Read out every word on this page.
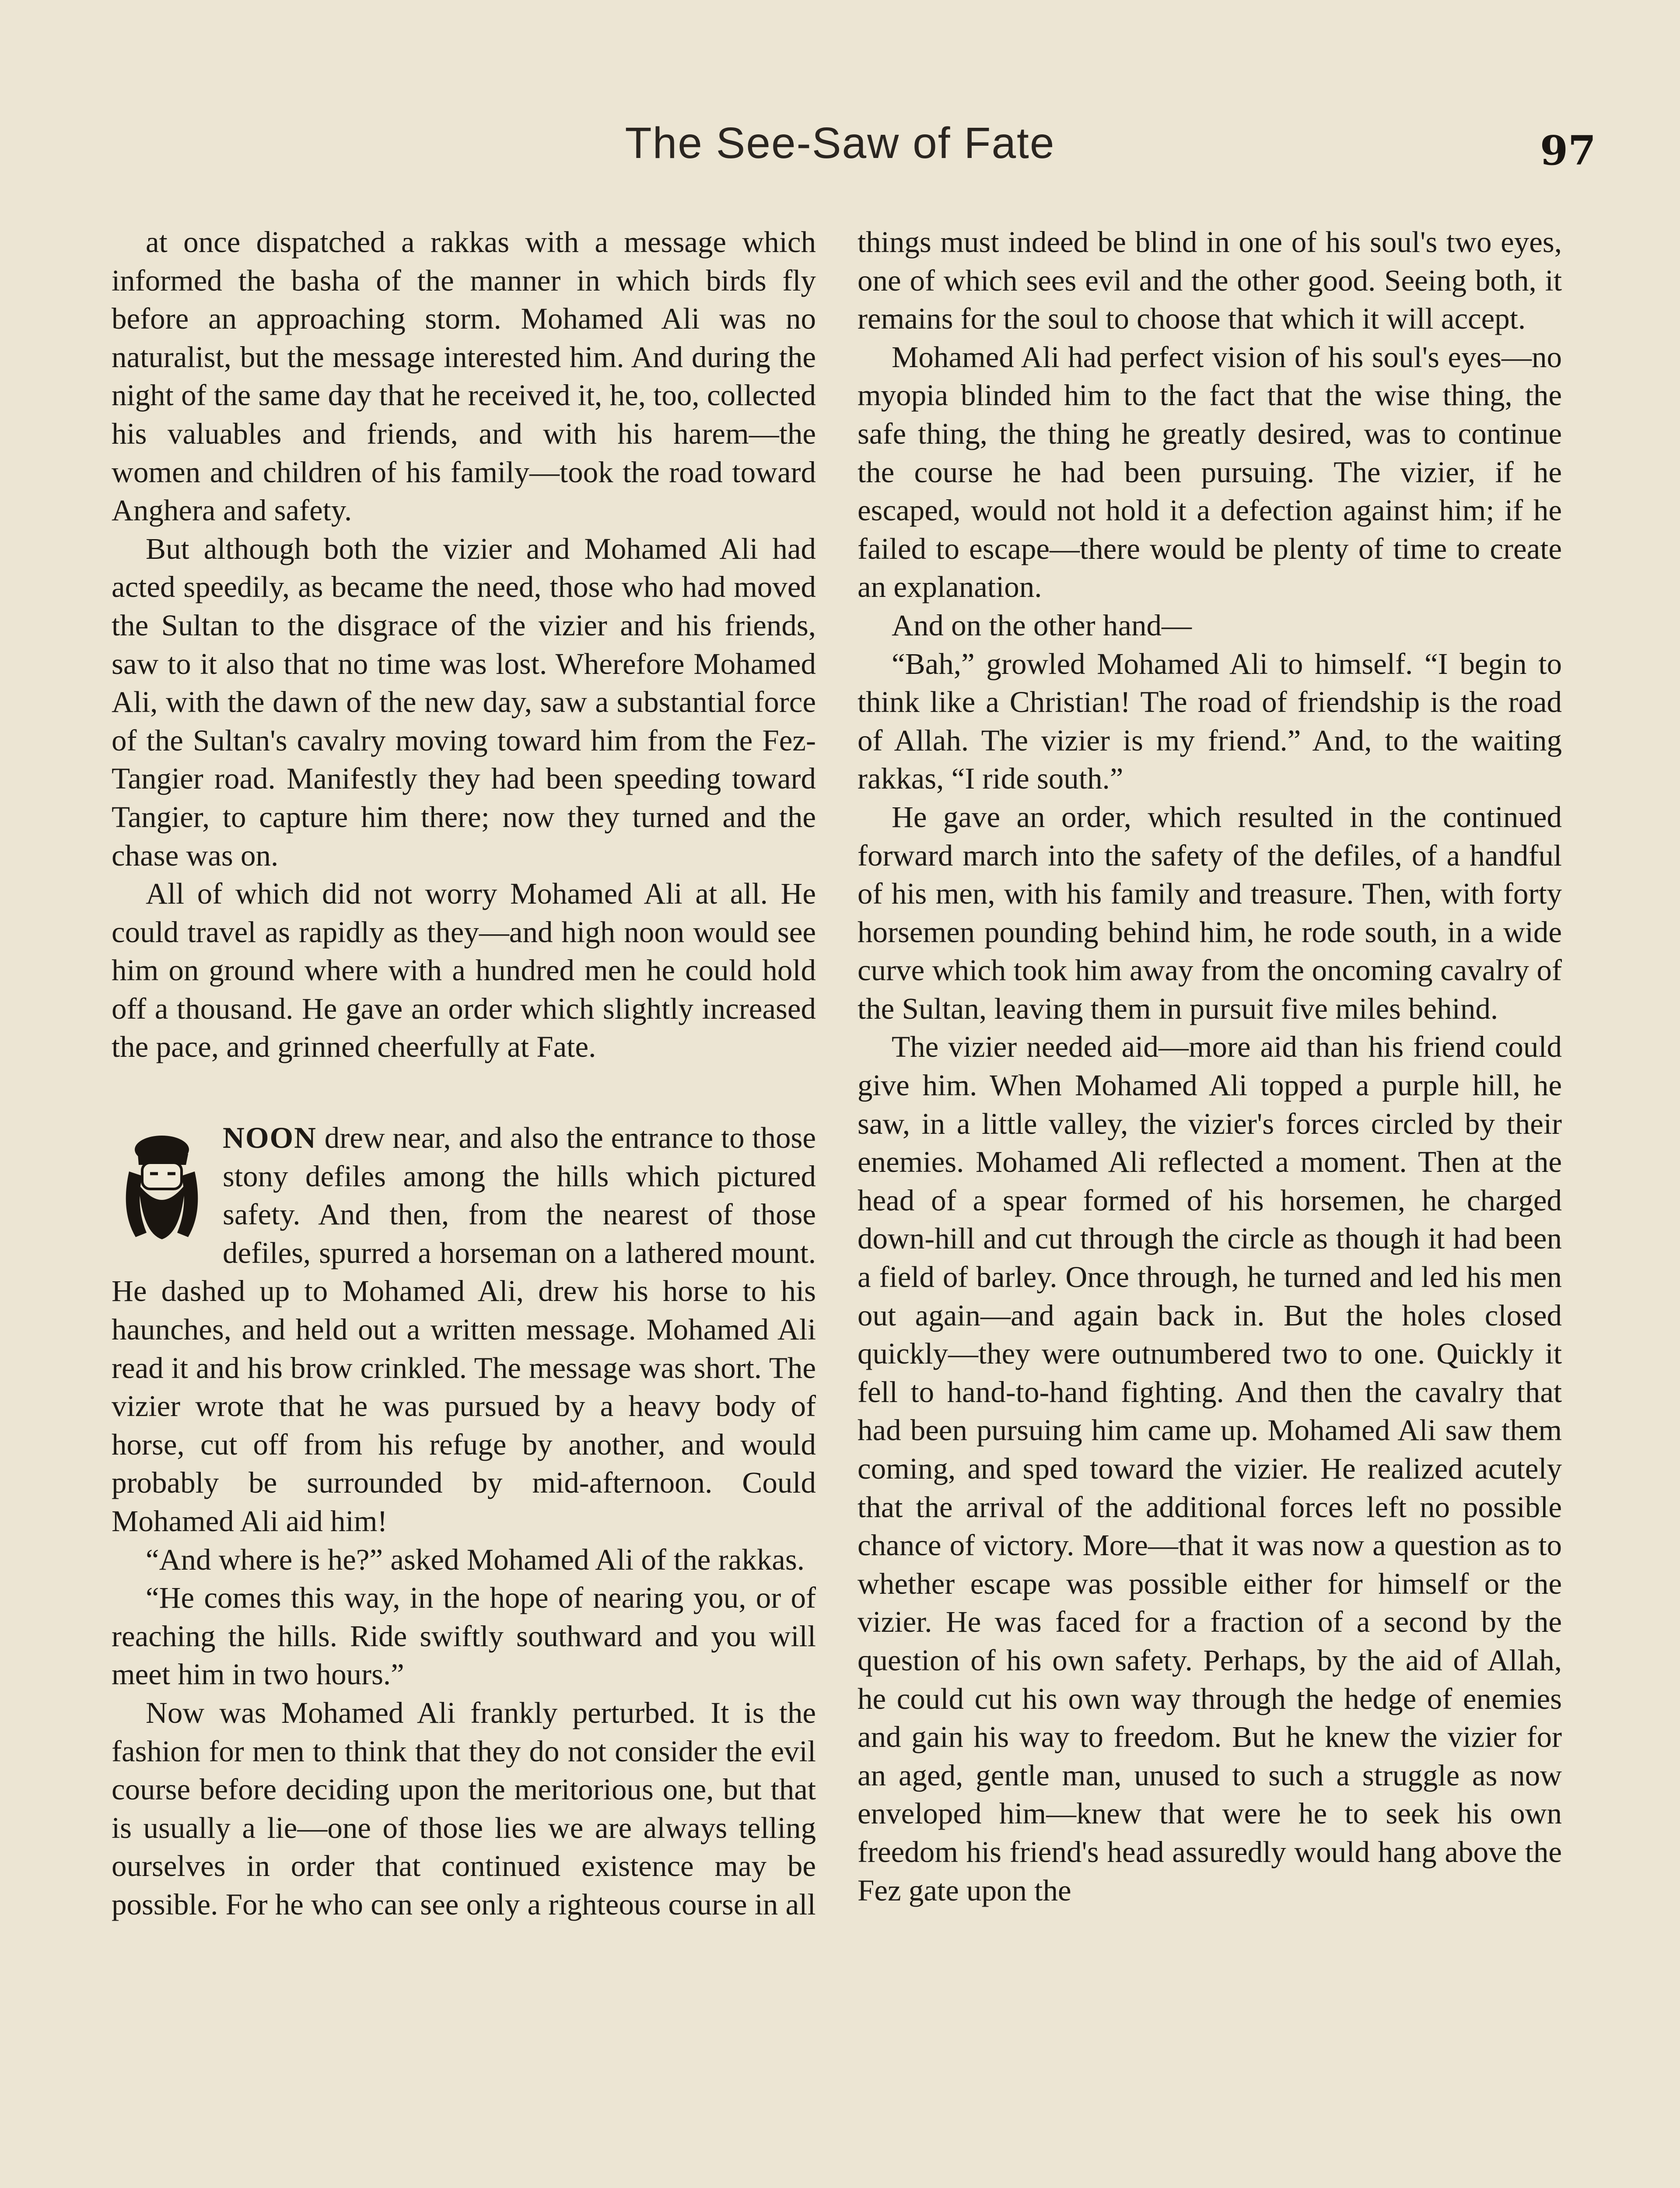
The See-Saw of Fate	97

at once dispatched a rakkas with a message which informed the basha of the manner in which birds fly before an approaching storm. Mohamed Ali was no naturalist, but the message interested him. And during the night of the same day that he received it, he, too, collected his valuables and friends, and with his harem—the women and children of his family—took the road toward Anghera and safety.

But although both the vizier and Mohamed Ali had acted speedily, as became the need, those who had moved the Sultan to the disgrace of the vizier and his friends, saw to it also that no time was lost. Wherefore Mohamed Ali, with the dawn of the new day, saw a substantial force of the Sultan's cavalry moving toward him from the Fez-Tangier road. Manifestly they had been speeding toward Tangier, to capture him there; now they turned and the chase was on.

All of which did not worry Mohamed Ali at all. He could travel as rapidly as they—and high noon would see him on ground where with a hundred men he could hold off a thousand. He gave an order which slightly increased the pace, and grinned cheerfully at Fate.

NOON drew near, and also the entrance to those stony defiles among the hills which pictured safety. And then, from the nearest of those defiles, spurred a horseman on a lathered mount. He dashed up to Mohamed Ali, drew his horse to his haunches, and held out a written message. Mohamed Ali read it and his brow crinkled. The message was short. The vizier wrote that he was pursued by a heavy body of horse, cut off from his refuge by another, and would probably be surrounded by mid-afternoon. Could Mohamed Ali aid him!

“And where is he?” asked Mohamed Ali of the rakkas.

“He comes this way, in the hope of nearing you, or of reaching the hills. Ride swiftly southward and you will meet him in two hours.”

Now was Mohamed Ali frankly perturbed. It is the fashion for men to think that they do not consider the evil course before deciding upon the meritorious one, but that is usually a lie—one of those lies we are always telling ourselves in order that continued existence may be possible. For he who can see only a righteous course in all

things must indeed be blind in one of his soul's two eyes, one of which sees evil and the other good. Seeing both, it remains for the soul to choose that which it will accept.

Mohamed Ali had perfect vision of his soul's eyes—no myopia blinded him to the fact that the wise thing, the safe thing, the thing he greatly desired, was to continue the course he had been pursuing. The vizier, if he escaped, would not hold it a defection against him; if he failed to escape—there would be plenty of time to create an explanation.

And on the other hand—

“Bah,” growled Mohamed Ali to himself. “I begin to think like a Christian! The road of friendship is the road of Allah. The vizier is my friend.” And, to the waiting rakkas, “I ride south.”

He gave an order, which resulted in the continued forward march into the safety of the defiles, of a handful of his men, with his family and treasure. Then, with forty horsemen pounding behind him, he rode south, in a wide curve which took him away from the oncoming cavalry of the Sultan, leaving them in pursuit five miles behind.

The vizier needed aid—more aid than his friend could give him. When Mohamed Ali topped a purple hill, he saw, in a little valley, the vizier's forces circled by their enemies. Mohamed Ali reflected a moment. Then at the head of a spear formed of his horsemen, he charged down-hill and cut through the circle as though it had been a field of barley. Once through, he turned and led his men out again—and again back in. But the holes closed quickly—they were outnumbered two to one. Quickly it fell to hand-to-hand fighting. And then the cavalry that had been pursuing him came up. Mohamed Ali saw them coming, and sped toward the vizier. He realized acutely that the arrival of the additional forces left no possible chance of victory. More—that it was now a question as to whether escape was possible either for himself or the vizier. He was faced for a fraction of a second by the question of his own safety. Perhaps, by the aid of Allah, he could cut his own way through the hedge of enemies and gain his way to freedom. But he knew the vizier for an aged, gentle man, unused to such a struggle as now enveloped him—knew that were he to seek his own freedom his friend's head assuredly would hang above the Fez gate upon the
